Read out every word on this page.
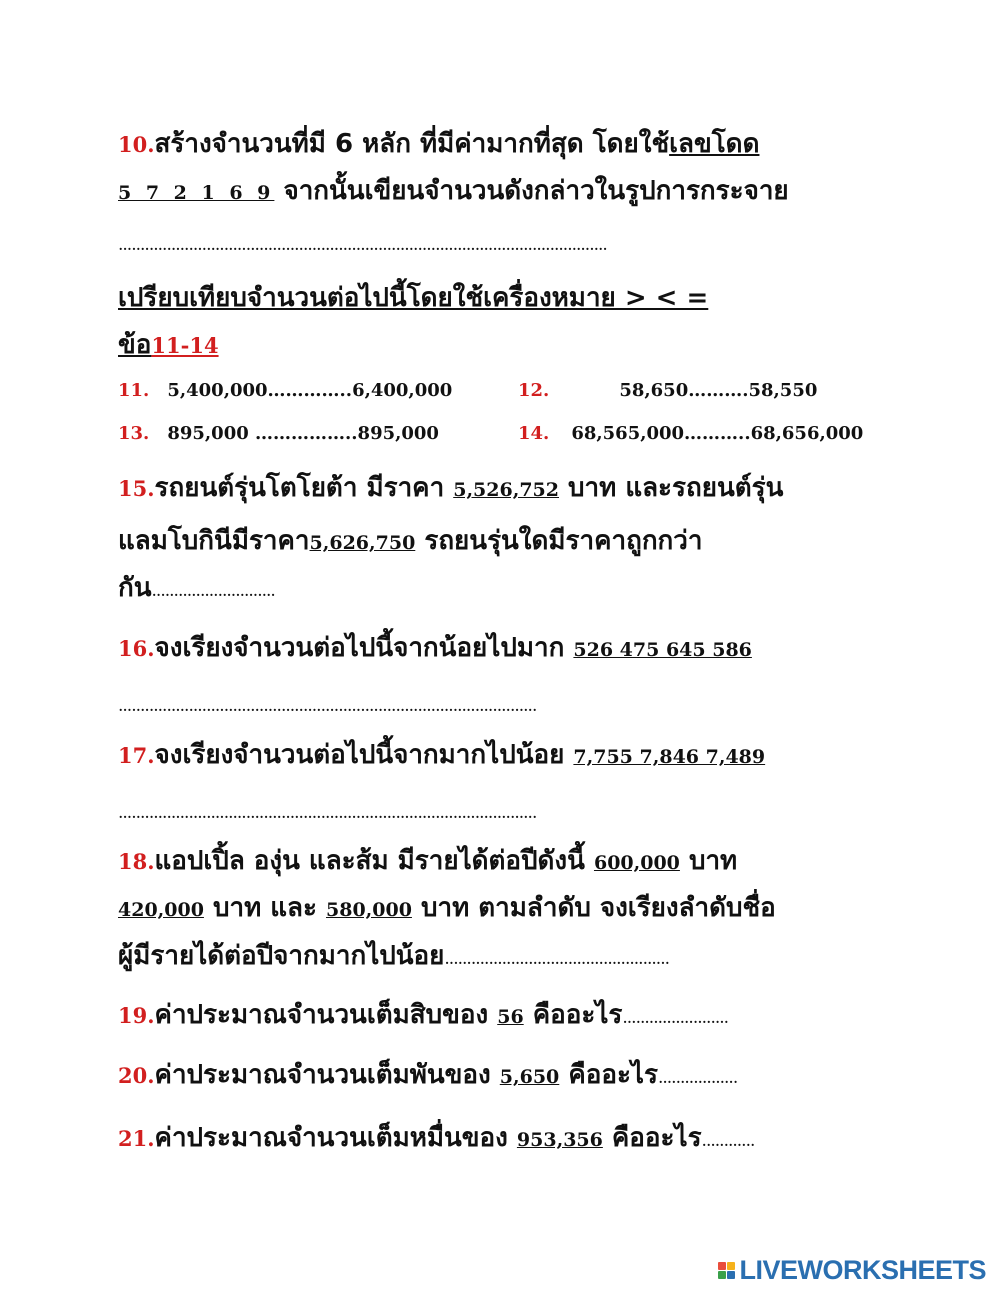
10.สร้างจำนวนที่มี 6 หลัก ที่มีค่ามากที่สุด โดยใช้เลขโดด
5 7 2 1 6 9 จากนั้นเขียนจำนวนดังกล่าวในรูปการกระจาย
...............................................................................................................
เปรียบเทียบจำนวนต่อไปนี้โดยใช้เครื่องหมาย > < =
ข้อ11-14
11. 5,400,000…………..6,400,000	12.	58,650……….58,550
13. 895,000 ……………..895,000	14. 68,565,000………..68,656,000
15.รถยนต์รุ่นโตโยต้า มีราคา 5,526,752 บาท และรถยนต์รุ่น
แลมโบกินีมีราคา5,626,750 รถยนรุ่นใดมีราคาถูกกว่า
กัน............................
16.จงเรียงจำนวนต่อไปนี้จากน้อยไปมาก 526 475 645 586
...............................................................................................
17.จงเรียงจำนวนต่อไปนี้จากมากไปน้อย 7,755 7,846 7,489
...............................................................................................
18.แอปเปิ้ล องุ่น และส้ม มีรายได้ต่อปีดังนี้ 600,000 บาท
420,000 บาท และ 580,000 บาท ตามลำดับ จงเรียงลำดับชื่อ
ผู้มีรายได้ต่อปีจากมากไปน้อย...................................................
19.ค่าประมาณจำนวนเต็มสิบของ 56 คืออะไร........................
20.ค่าประมาณจำนวนเต็มพันของ 5,650 คืออะไร..................
21.ค่าประมาณจำนวนเต็มหมื่นของ 953,356 คืออะไร............
LIVEWORKSHEETS
